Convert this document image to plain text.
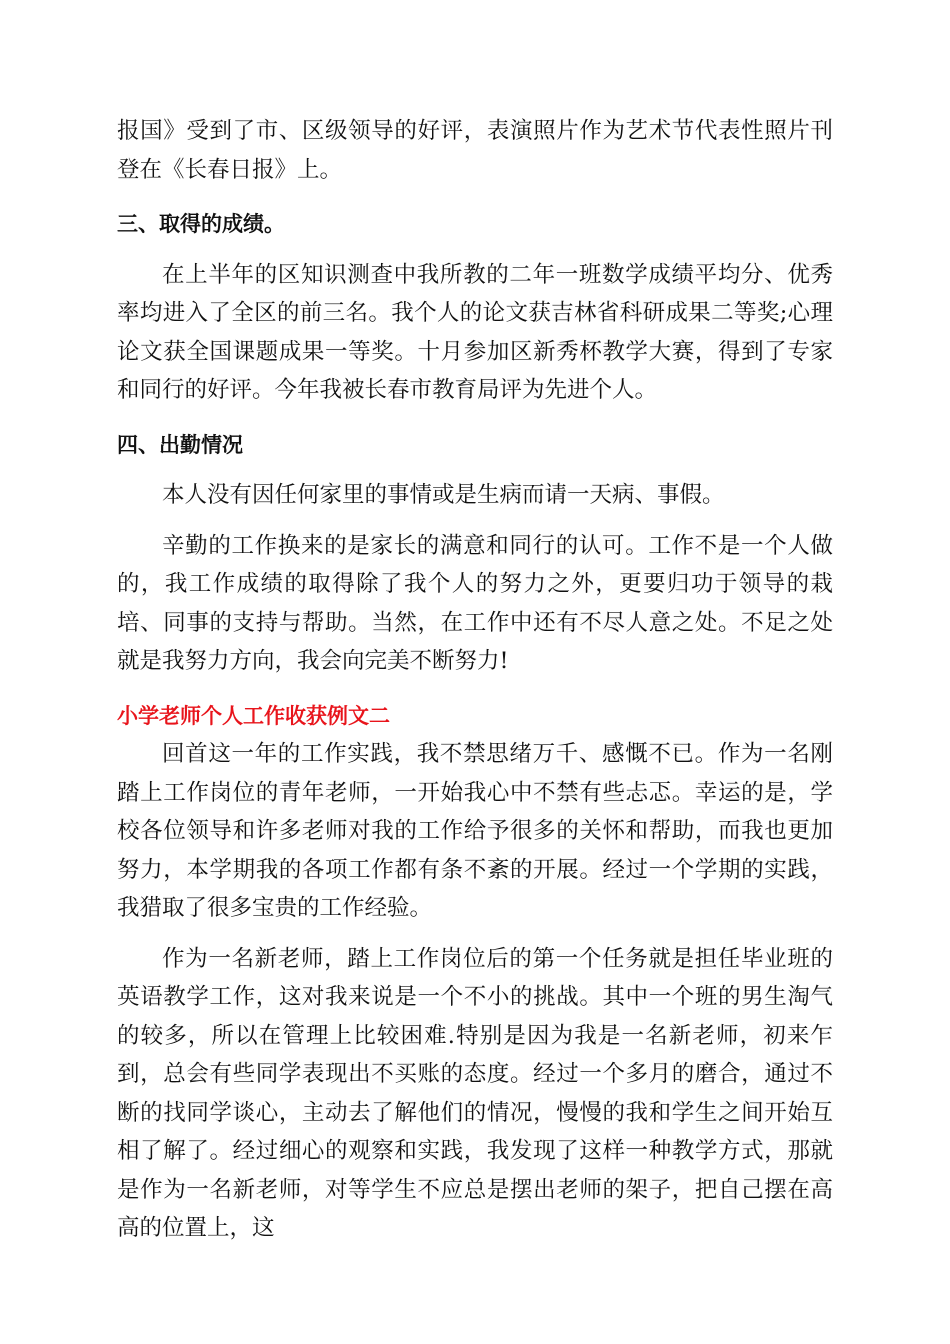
报国》受到了市、区级领导的好评，表演照片作为艺术节代表性照片刊登在《长春日报》上。

三、取得的成绩。

在上半年的区知识测查中我所教的二年一班数学成绩平均分、优秀率均进入了全区的前三名。我个人的论文获吉林省科研成果二等奖;心理论文获全国课题成果一等奖。十月参加区新秀杯教学大赛，得到了专家和同行的好评。今年我被长春市教育局评为先进个人。

四、出勤情况

本人没有因任何家里的事情或是生病而请一天病、事假。

辛勤的工作换来的是家长的满意和同行的认可。工作不是一个人做的，我工作成绩的取得除了我个人的努力之外，更要归功于领导的栽培、同事的支持与帮助。当然，在工作中还有不尽人意之处。不足之处就是我努力方向，我会向完美不断努力!

小学老师个人工作收获例文二

回首这一年的工作实践，我不禁思绪万千、感慨不已。作为一名刚踏上工作岗位的青年老师，一开始我心中不禁有些忐忑。幸运的是，学校各位领导和许多老师对我的工作给予很多的关怀和帮助，而我也更加努力，本学期我的各项工作都有条不紊的开展。经过一个学期的实践，我猎取了很多宝贵的工作经验。

作为一名新老师，踏上工作岗位后的第一个任务就是担任毕业班的英语教学工作，这对我来说是一个不小的挑战。其中一个班的男生淘气的较多，所以在管理上比较困难.特别是因为我是一名新老师，初来乍到，总会有些同学表现出不买账的态度。经过一个多月的磨合，通过不断的找同学谈心，主动去了解他们的情况，慢慢的我和学生之间开始互相了解了。经过细心的观察和实践，我发现了这样一种教学方式，那就是作为一名新老师，对等学生不应总是摆出老师的架子，把自己摆在高高的位置上，这
